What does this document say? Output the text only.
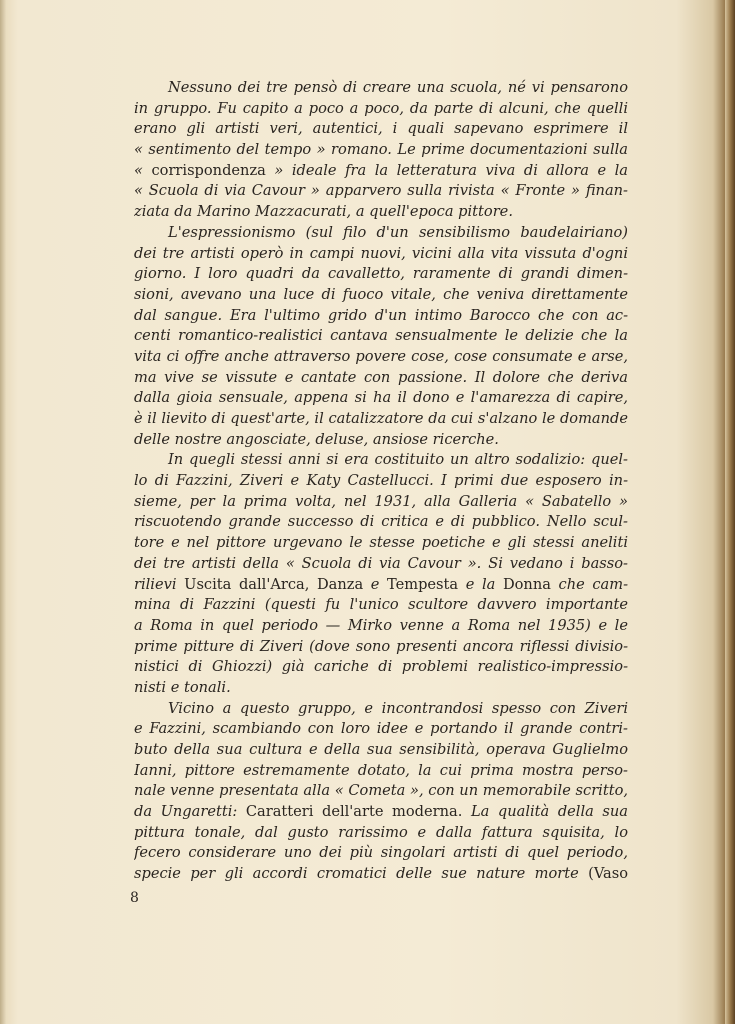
Nessuno dei tre pensò di creare una scuola, né vi pensarono
in gruppo. Fu capito a poco a poco, da parte di alcuni, che quelli
erano gli artisti veri, autentici, i quali sapevano esprimere il
« sentimento del tempo » romano. Le prime documentazioni sulla
« corrispondenza » ideale fra la letteratura viva di allora e la
« Scuola di via Cavour » apparvero sulla rivista « Fronte » finan-
ziata da Marino Mazzacurati, a quell'epoca pittore.

L'espressionismo (sul filo d'un sensibilismo baudelairiano)
dei tre artisti operò in campi nuovi, vicini alla vita vissuta d'ogni
giorno. I loro quadri da cavalletto, raramente di grandi dimen-
sioni, avevano una luce di fuoco vitale, che veniva direttamente
dal sangue. Era l'ultimo grido d'un intimo Barocco che con ac-
centi romantico-realistici cantava sensualmente le delizie che la
vita ci offre anche attraverso povere cose, cose consumate e arse,
ma vive se vissute e cantate con passione. Il dolore che deriva
dalla gioia sensuale, appena si ha il dono e l'amarezza di capire,
è il lievito di quest'arte, il catalizzatore da cui s'alzano le domande
delle nostre angosciate, deluse, ansiose ricerche.

In quegli stessi anni si era costituito un altro sodalizio: quel-
lo di Fazzini, Ziveri e Katy Castellucci. I primi due esposero in-
sieme, per la prima volta, nel 1931, alla Galleria « Sabatello »
riscuotendo grande successo di critica e di pubblico. Nello scul-
tore e nel pittore urgevano le stesse poetiche e gli stessi aneliti
dei tre artisti della « Scuola di via Cavour ». Si vedano i basso-
rilievi Uscita dall'Arca, Danza e Tempesta e la Donna che cam-
mina di Fazzini (questi fu l'unico scultore davvero importante
a Roma in quel periodo — Mirko venne a Roma nel 1935) e le
prime pitture di Ziveri (dove sono presenti ancora riflessi divisio-
nistici di Ghiozzi) già cariche di problemi realistico-impressio-
nisti e tonali.

Vicino a questo gruppo, e incontrandosi spesso con Ziveri
e Fazzini, scambiando con loro idee e portando il grande contri-
buto della sua cultura e della sua sensibilità, operava Guglielmo
Ianni, pittore estremamente dotato, la cui prima mostra perso-
nale venne presentata alla « Cometa », con un memorabile scritto,
da Ungaretti: Caratteri dell'arte moderna. La qualità della sua
pittura tonale, dal gusto rarissimo e dalla fattura squisita, lo
fecero considerare uno dei più singolari artisti di quel periodo,
specie per gli accordi cromatici delle sue nature morte (Vaso

8
